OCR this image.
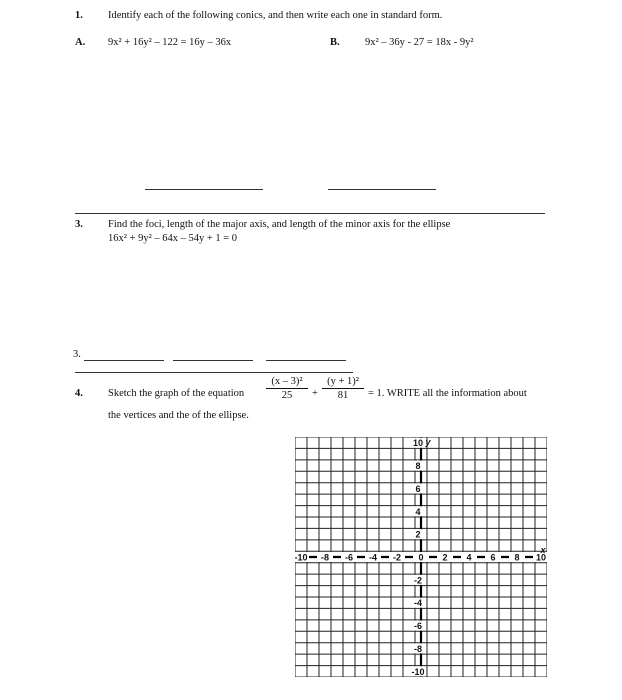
1. Identify each of the following conics, and then write each one in standard form.
A. 9x² + 16y² – 122 = 16y – 36x	B. 9x² – 36y - 27 = 18x - 9y²
3. Find the foci, length of the major axis, and length of the minor axis for the ellipse
16x² + 9y² – 64x – 54y + 1 = 0
3.
4. Sketch the graph of the equation
(x – 3)²
25	+
(y + 1)²
81	= 1. WRITE all the information about
the vertices and the of the ellipse.
-10 -8 -6 -4 -2 0 2 4 6 8 10
10
8
6
4
2
-2
-4
-6
-8
-10
x
y
